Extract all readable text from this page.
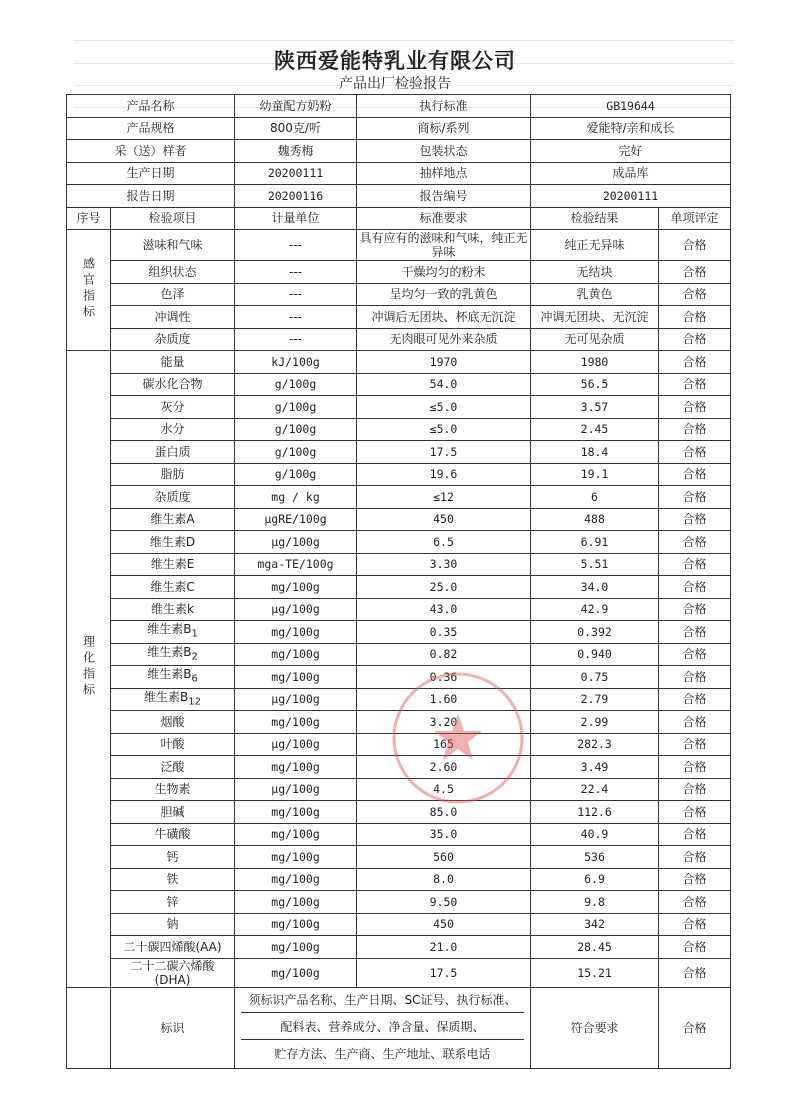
陕西爱能特乳业有限公司
产品出厂检验报告
产品名称		幼童配方奶粉	执行标准	GB19644	
产品规格		800克/听	商标/系列	爱能特/亲和成长	
采（送）样者		魏秀梅	包装状态	完好	
生产日期		20200111	抽样地点	成品库	
报告日期		20200116	报告编号	20200111	
序号	检验项目	计量单位	标准要求	检验结果	单项评定
感官指标	滋味和气味	---	具有应有的滋味和气味，纯正无异味	纯正无异味	合格
	组织状态	---	干燥均匀的粉末	无结块	合格
	色泽	---	呈均匀一致的乳黄色	乳黄色	合格
	冲调性	---	冲调后无团块、杯底无沉淀	冲调无团块、无沉淀	合格
	杂质度	---	无肉眼可见外来杂质	无可见杂质	合格
理化指标	能量	kJ/100g	1970	1980	合格
	碳水化合物	g/100g	54.0	56.5	合格
	灰分	g/100g	≤5.0	3.57	合格
	水分	g/100g	≤5.0	2.45	合格
	蛋白质	g/100g	17.5	18.4	合格
	脂肪	g/100g	19.6	19.1	合格
	杂质度	mg / kg	≤12	6	合格
	维生素A	μgRE/100g	450	488	合格
	维生素D	μg/100g	6.5	6.91	合格
	维生素E	mga-TE/100g	3.30	5.51	合格
	维生素C	mg/100g	25.0	34.0	合格
	维生素k	μg/100g	43.0	42.9	合格
	维生素$B_1$	mg/100g	0.35	0.392	合格
	维生素$B_2$	mg/100g	0.82	0.940	合格
	维生素$B_6$	mg/100g	0.36	0.75	合格
	维生素$B_{12}$	μg/100g	1.60	2.79	合格
	烟酸	mg/100g	3.20	2.99	合格
	叶酸	μg/100g	165	282.3	合格
	泛酸	mg/100g	2.60	3.49	合格
	生物素	μg/100g	4.5	22.4	合格
	胆碱	mg/100g	85.0	112.6	合格
	牛磺酸	mg/100g	35.0	40.9	合格
	钙	mg/100g	560	536	合格
	铁	mg/100g	8.0	6.9	合格
	锌	mg/100g	9.50	9.8	合格
	钠	mg/100g	450	342	合格
	二十碳四烯酸(AA)	mg/100g	21.0	28.45	合格
	二十二碳六烯酸(DHA)	mg/100g	17.5	15.21	合格
	标识	须标识产品名称、生产日期、SC证号、执行标准、
配料表、营养成分、净含量、保质期、
贮存方法、生产商、生产地址、联系电话		符合要求	合格
